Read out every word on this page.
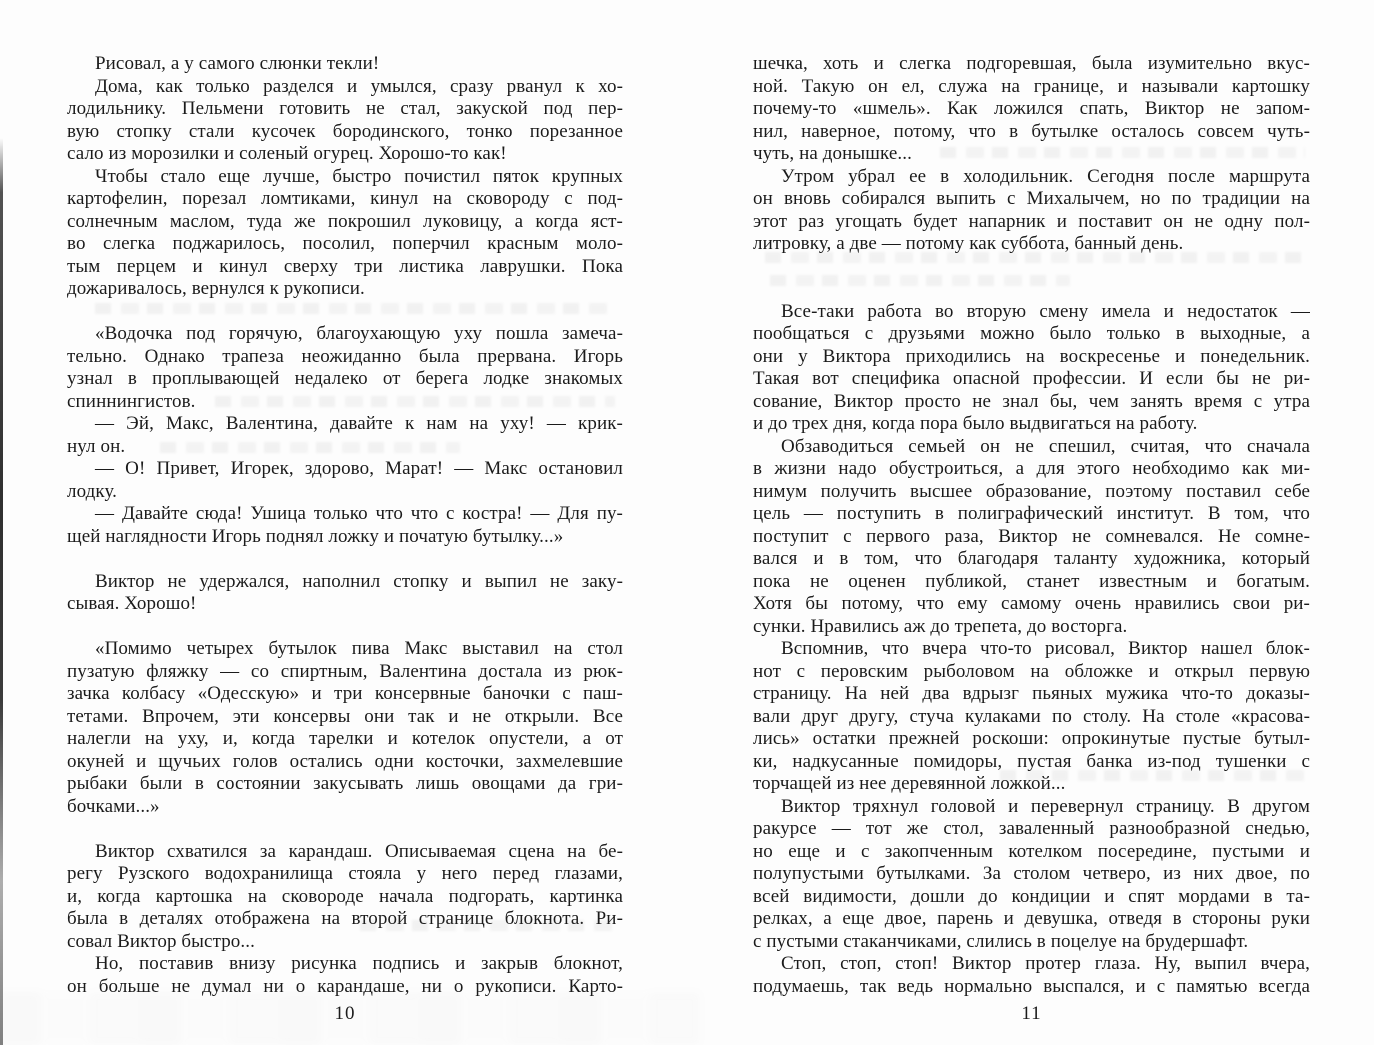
Рисовал, а у самого слюнки текли!
Дома, как только разделся и умылся, сразу рванул к хо-
лодильнику. Пельмени готовить не стал, закуской под пер-
вую стопку стали кусочек бородинского, тонко порезанное
сало из морозилки и соленый огурец. Хорошо-то как!
Чтобы стало еще лучше, быстро почистил пяток крупных
картофелин, порезал ломтиками, кинул на сковороду с под-
солнечным маслом, туда же покрошил луковицу, а когда яст-
во слегка поджарилось, посолил, поперчил красным моло-
тым перцем и кинул сверху три листика лаврушки. Пока
дожаривалось, вернулся к рукописи.
«Водочка под горячую, благоухающую уху пошла замеча-
тельно. Однако трапеза неожиданно была прервана. Игорь
узнал в проплывающей недалеко от берега лодке знакомых
спиннингистов.
— Эй, Макс, Валентина, давайте к нам на уху! — крик-
нул он.
— О! Привет, Игорек, здорово, Марат! — Макс остановил
лодку.
— Давайте сюда! Ушица только что что с костра! — Для пу-
щей наглядности Игорь поднял ложку и початую бутылку...»
Виктор не удержался, наполнил стопку и выпил не заку-
сывая. Хорошо!
«Помимо четырех бутылок пива Макс выставил на стол
пузатую фляжку — со спиртным, Валентина достала из рюк-
зачка колбасу «Одесскую» и три консервные баночки с паш-
тетами. Впрочем, эти консервы они так и не открыли. Все
налегли на уху, и, когда тарелки и котелок опустели, а от
окуней и щучьих голов остались одни косточки, захмелевшие
рыбаки были в состоянии закусывать лишь овощами да гри-
бочками...»
Виктор схватился за карандаш. Описываемая сцена на бе-
регу Рузского водохранилища стояла у него перед глазами,
и, когда картошка на сковороде начала подгорать, картинка
была в деталях отображена на второй странице блокнота. Ри-
совал Виктор быстро...
Но, поставив внизу рисунка подпись и закрыв блокнот,
он больше не думал ни о карандаше, ни о рукописи. Карто-
шечка, хоть и слегка подгоревшая, была изумительно вкус-
ной. Такую он ел, служа на границе, и называли картошку
почему-то «шмель». Как ложился спать, Виктор не запом-
нил, наверное, потому, что в бутылке осталось совсем чуть-
чуть, на донышке...
Утром убрал ее в холодильник. Сегодня после маршрута
он вновь собирался выпить с Михалычем, но по традиции на
этот раз угощать будет напарник и поставит он не одну пол-
литровку, а две — потому как суббота, банный день.
Все-таки работа во вторую смену имела и недостаток —
пообщаться с друзьями можно было только в выходные, а
они у Виктора приходились на воскресенье и понедельник.
Такая вот специфика опасной профессии. И если бы не ри-
сование, Виктор просто не знал бы, чем занять время с утра
и до трех дня, когда пора было выдвигаться на работу.
Обзаводиться семьей он не спешил, считая, что сначала
в жизни надо обустроиться, а для этого необходимо как ми-
нимум получить высшее образование, поэтому поставил себе
цель — поступить в полиграфический институт. В том, что
поступит с первого раза, Виктор не сомневался. Не сомне-
вался и в том, что благодаря таланту художника, который
пока не оценен публикой, станет известным и богатым.
Хотя бы потому, что ему самому очень нравились свои ри-
сунки. Нравились аж до трепета, до восторга.
Вспомнив, что вчера что-то рисовал, Виктор нашел блок-
нот с перовским рыболовом на обложке и открыл первую
страницу. На ней два вдрызг пьяных мужика что-то доказы-
вали друг другу, стуча кулаками по столу. На столе «красова-
лись» остатки прежней роскоши: опрокинутые пустые бутыл-
ки, надкусанные помидоры, пустая банка из-под тушенки с
торчащей из нее деревянной ложкой...
Виктор тряхнул головой и перевернул страницу. В другом
ракурсе — тот же стол, заваленный разнообразной снедью,
но еще и с закопченным котелком посередине, пустыми и
полупустыми бутылками. За столом четверо, из них двое, по
всей видимости, дошли до кондиции и спят мордами в та-
релках, а еще двое, парень и девушка, отведя в стороны руки
с пустыми стаканчиками, слились в поцелуе на брудершафт.
Стоп, стоп, стоп! Виктор протер глаза. Ну, выпил вчера,
подумаешь, так ведь нормально выспался, и с памятью всегда
10	11
